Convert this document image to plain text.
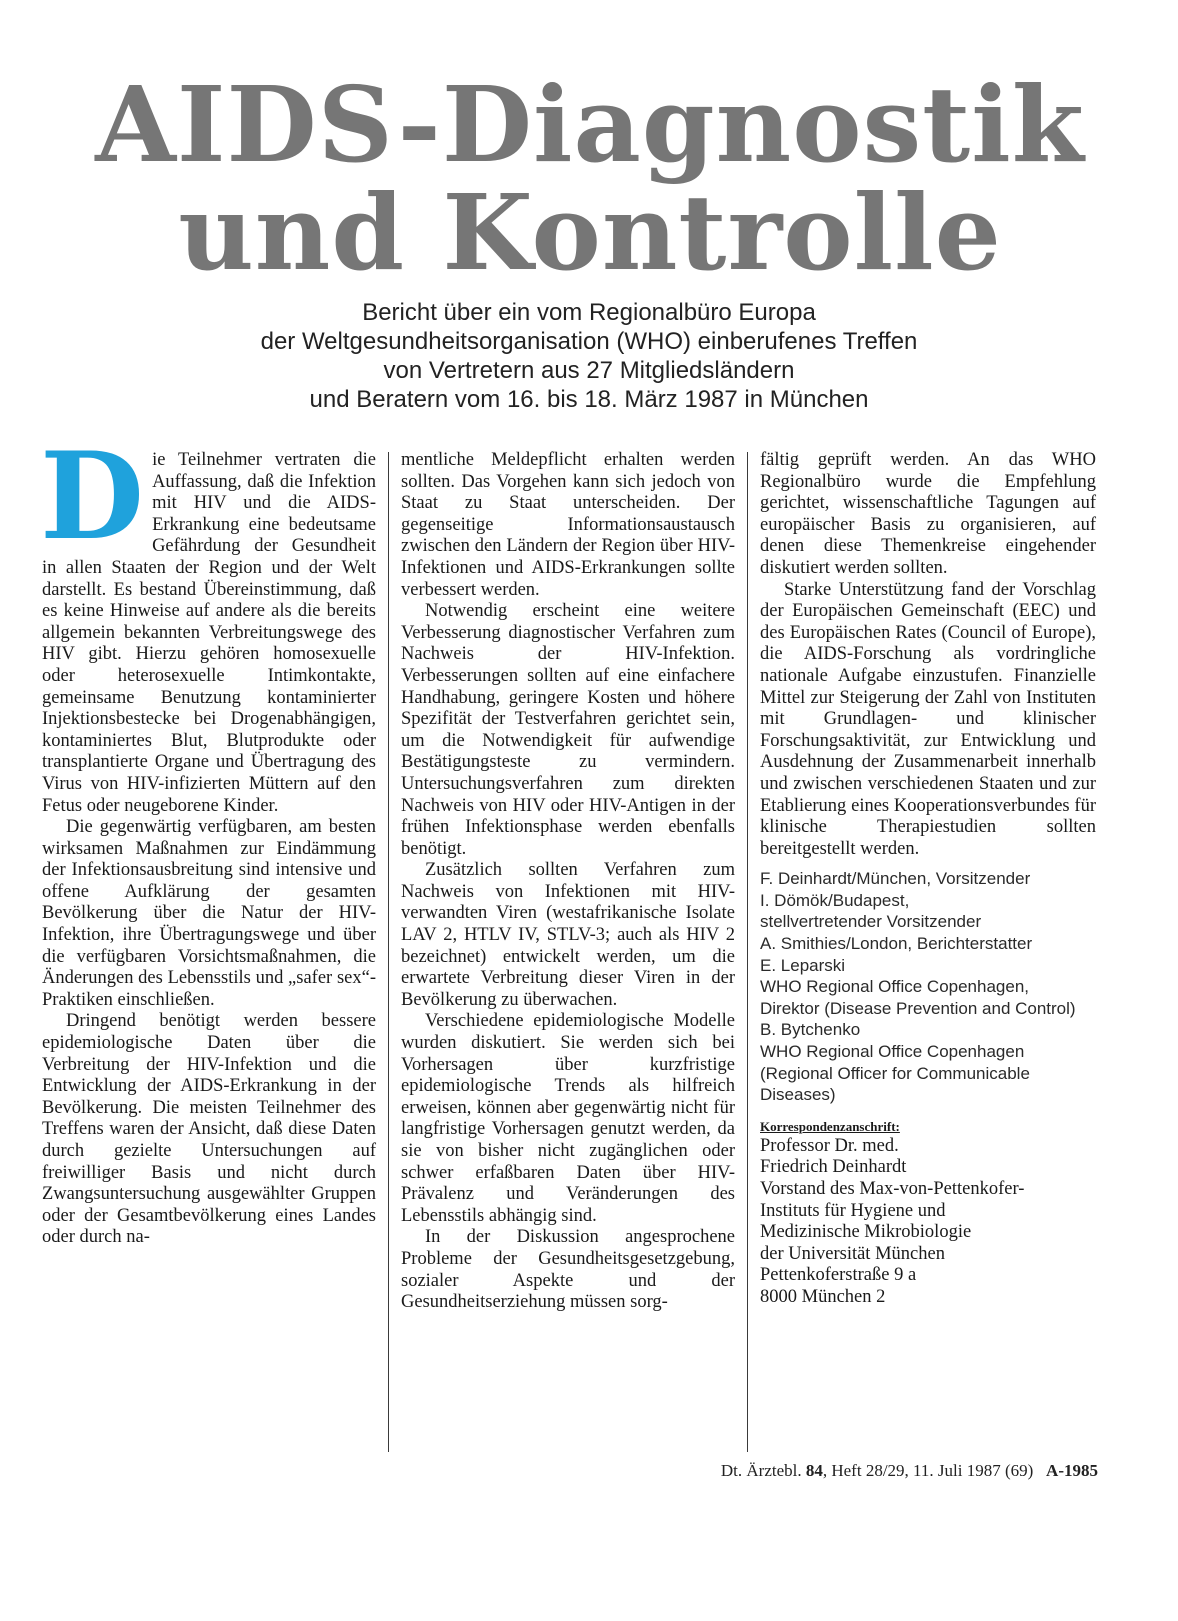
AIDS-Diagnostik
und Kontrolle
Bericht über ein vom Regionalbüro Europa
der Weltgesundheitsorganisation (WHO) einberufenes Treffen
von Vertretern aus 27 Mitgliedsländern
und Beratern vom 16. bis 18. März 1987 in München
D ie Teilnehmer vertraten die Auffassung, daß die Infektion mit HIV und die AIDS-Erkrankung eine bedeutsame Gefährdung der Gesundheit in allen Staaten der Region und der Welt darstellt. Es bestand Übereinstimmung, daß es keine Hinweise auf andere als die bereits allgemein bekannten Verbreitungswege des HIV gibt. Hierzu gehören homosexuelle oder heterosexuelle Intimkontakte, gemeinsame Benutzung kontaminierter Injektionsbestecke bei Drogenabhängigen, kontaminiertes Blut, Blutprodukte oder transplantierte Organe und Übertragung des Virus von HIV-infizierten Müttern auf den Fetus oder neugeborene Kinder.

Die gegenwärtig verfügbaren, am besten wirksamen Maßnahmen zur Eindämmung der Infektionsausbreitung sind intensive und offene Aufklärung der gesamten Bevölkerung über die Natur der HIV-Infektion, ihre Übertragungswege und über die verfügbaren Vorsichtsmaßnahmen, die Änderungen des Lebensstils und „safer sex“-Praktiken einschließen.

Dringend benötigt werden bessere epidemiologische Daten über die Verbreitung der HIV-Infektion und die Entwicklung der AIDS-Erkrankung in der Bevölkerung. Die meisten Teilnehmer des Treffens waren der Ansicht, daß diese Daten durch gezielte Untersuchungen auf freiwilliger Basis und nicht durch Zwangsuntersuchung ausgewählter Gruppen oder der Gesamtbevölkerung eines Landes oder durch na-

mentliche Meldepflicht erhalten werden sollten. Das Vorgehen kann sich jedoch von Staat zu Staat unterscheiden. Der gegenseitige Informationsaustausch zwischen den Ländern der Region über HIV-Infektionen und AIDS-Erkrankungen sollte verbessert werden.

Notwendig erscheint eine weitere Verbesserung diagnostischer Verfahren zum Nachweis der HIV-Infektion. Verbesserungen sollten auf eine einfachere Handhabung, geringere Kosten und höhere Spezifität der Testverfahren gerichtet sein, um die Notwendigkeit für aufwendige Bestätigungsteste zu vermindern. Untersuchungsverfahren zum direkten Nachweis von HIV oder HIV-Antigen in der frühen Infektionsphase werden ebenfalls benötigt.

Zusätzlich sollten Verfahren zum Nachweis von Infektionen mit HIV-verwandten Viren (westafrikanische Isolate LAV 2, HTLV IV, STLV-3; auch als HIV 2 bezeichnet) entwickelt werden, um die erwartete Verbreitung dieser Viren in der Bevölkerung zu überwachen.

Verschiedene epidemiologische Modelle wurden diskutiert. Sie werden sich bei Vorhersagen über kurzfristige epidemiologische Trends als hilfreich erweisen, können aber gegenwärtig nicht für langfristige Vorhersagen genutzt werden, da sie von bisher nicht zugänglichen oder schwer erfaßbaren Daten über HIV-Prävalenz und Veränderungen des Lebensstils abhängig sind.

In der Diskussion angesprochene Probleme der Gesundheitsgesetzgebung, sozialer Aspekte und der Gesundheitserziehung müssen sorg-

fältig geprüft werden. An das WHO Regionalbüro wurde die Empfehlung gerichtet, wissenschaftliche Tagungen auf europäischer Basis zu organisieren, auf denen diese Themenkreise eingehender diskutiert werden sollten.

Starke Unterstützung fand der Vorschlag der Europäischen Gemeinschaft (EEC) und des Europäischen Rates (Council of Europe), die AIDS-Forschung als vordringliche nationale Aufgabe einzustufen. Finanzielle Mittel zur Steigerung der Zahl von Instituten mit Grundlagen- und klinischer Forschungsaktivität, zur Entwicklung und Ausdehnung der Zusammenarbeit innerhalb und zwischen verschiedenen Staaten und zur Etablierung eines Kooperationsverbundes für klinische Therapiestudien sollten bereitgestellt werden.

F. Deinhardt/München, Vorsitzender
I. Dömök/Budapest,
stellvertretender Vorsitzender
A. Smithies/London, Berichterstatter
E. Leparski
WHO Regional Office Copenhagen,
Direktor (Disease Prevention and Control)
B. Bytchenko
WHO Regional Office Copenhagen
(Regional Officer for Communicable Diseases)
Korrespondenzanschrift:
Professor Dr. med.
Friedrich Deinhardt
Vorstand des Max-von-Pettenkofer-
Instituts für Hygiene und
Medizinische Mikrobiologie
der Universität München
Pettenkoferstraße 9 a
8000 München 2
Dt. Ärztebl. 84, Heft 28/29, 11. Juli 1987 (69) A-1985
